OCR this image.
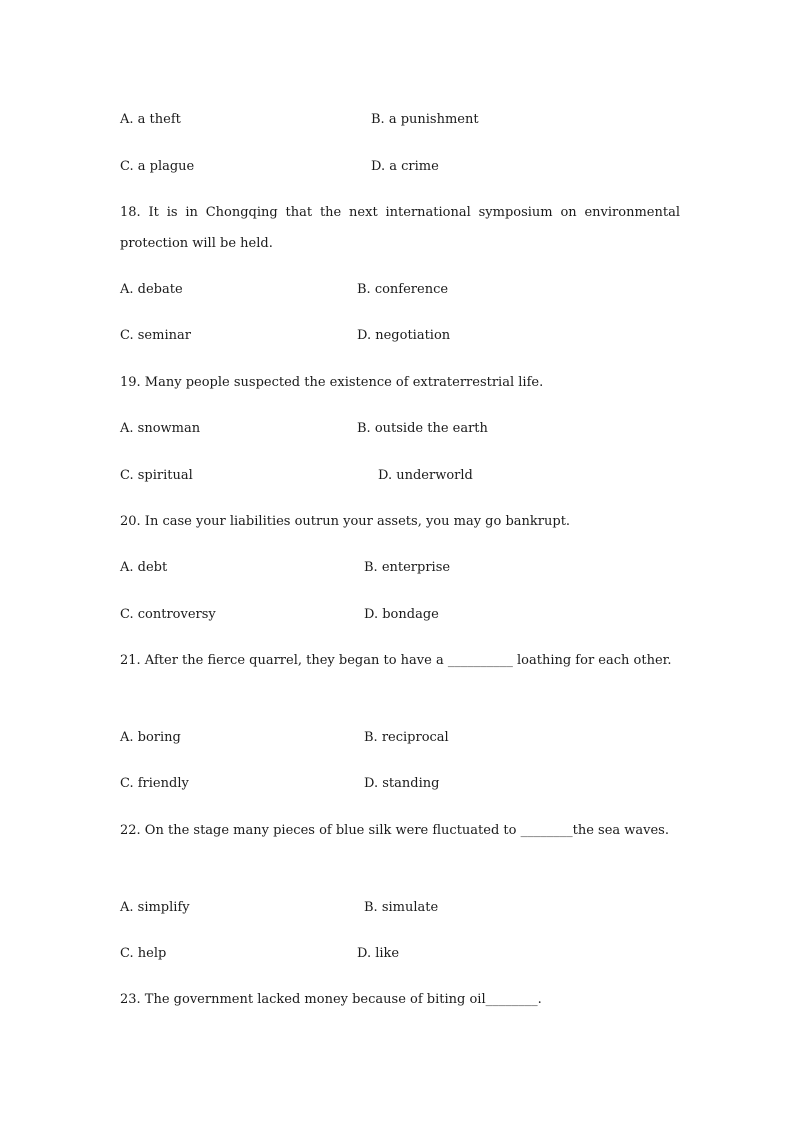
A. a theft	B. a punishment
C. a plague	D. a crime
18. It is in Chongqing that the next international symposium on environmental protection will be held.
A. debate	B. conference
C. seminar	D. negotiation
19. Many people suspected the existence of extraterrestrial life.
A. snowman	B. outside the earth
C. spiritual	D. underworld
20. In case your liabilities outrun your assets, you may go bankrupt.
A. debt	B. enterprise
C. controversy	D. bondage
21. After the fierce quarrel, they began to have a __________ loathing for each other.
A. boring	B. reciprocal
C. friendly	D. standing
22. On the stage many pieces of blue silk were fluctuated to ________the sea waves.
A. simplify	B. simulate
C. help	D. like
23. The government lacked money because of biting oil________.
